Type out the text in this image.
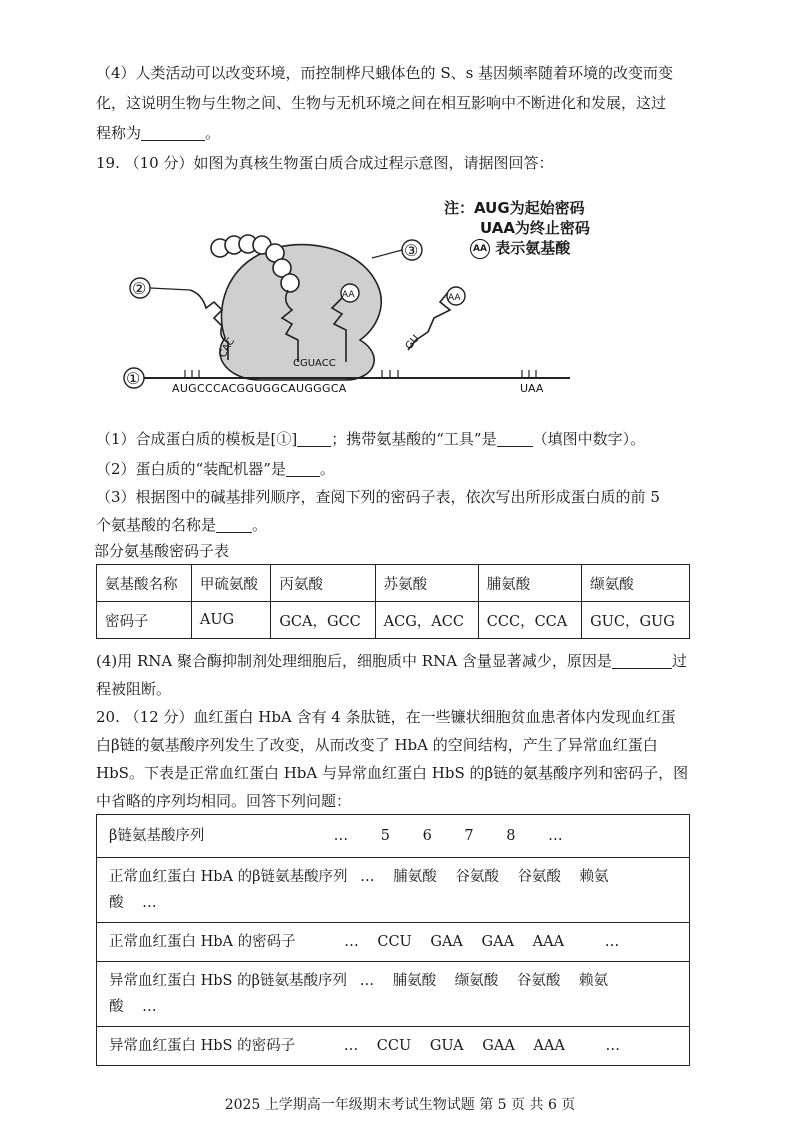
（4）人类活动可以改变环境，而控制桦尺蛾体色的 S、s 基因频率随着环境的改变而变
化，这说明生物与生物之间、生物与无机环境之间在相互影响中不断进化和发展，这过
程称为	。
19. （10 分）如图为真核生物蛋白质合成过程示意图，请据图回答：
AUGCCCACGGUGGCAUGGGCA	UAA
①
②
③
CAC
AA
CGUACC
AA
GU
注：AUG为起始密码
UAA为终止密码
AA 表示氨基酸
（1）合成蛋白质的模板是[①] ；携带氨基酸的“工具”是 （填图中数字）。
（2）蛋白质的“装配机器”是 。
（3）根据图中的碱基排列顺序，查阅下列的密码子表，依次写出所形成蛋白质的前 5
个氨基酸的名称是 。
部分氨基酸密码子表
氨基酸名称	甲硫氨酸	丙氨酸	苏氨酸	脯氨酸	缬氨酸
密码子	AUG	GCA，GCC	ACG，ACC	CCC，CCA	GUC，GUG
(4)用 RNA 聚合酶抑制剂处理细胞后，细胞质中 RNA 含量显著减少，原因是	过
程被阻断。
20. （12 分）血红蛋白 HbA 含有 4 条肽链，在一些镰状细胞贫血患者体内发现血红蛋
白β链的氨基酸序列发生了改变，从而改变了 HbA 的空间结构，产生了异常血红蛋白
HbS。下表是正常血红蛋白 HbA 与异常血红蛋白 HbS 的β链的氨基酸序列和密码子，图
中省略的序列均相同。回答下列问题：
β链氨基酸序列	… 5 6 7 8 …
正常血红蛋白 HbA 的β链氨基酸序列 … 脯氨酸 谷氨酸 谷氨酸 赖氨
酸 …
正常血红蛋白 HbA 的密码子	… CCU GAA GAA AAA	…
异常血红蛋白 HbS 的β链氨基酸序列 … 脯氨酸 缬氨酸 谷氨酸 赖氨
酸 …
异常血红蛋白 HbS 的密码子	… CCU GUA GAA AAA	…
2025 上学期高一年级期末考试生物试题 第 5 页 共 6 页
